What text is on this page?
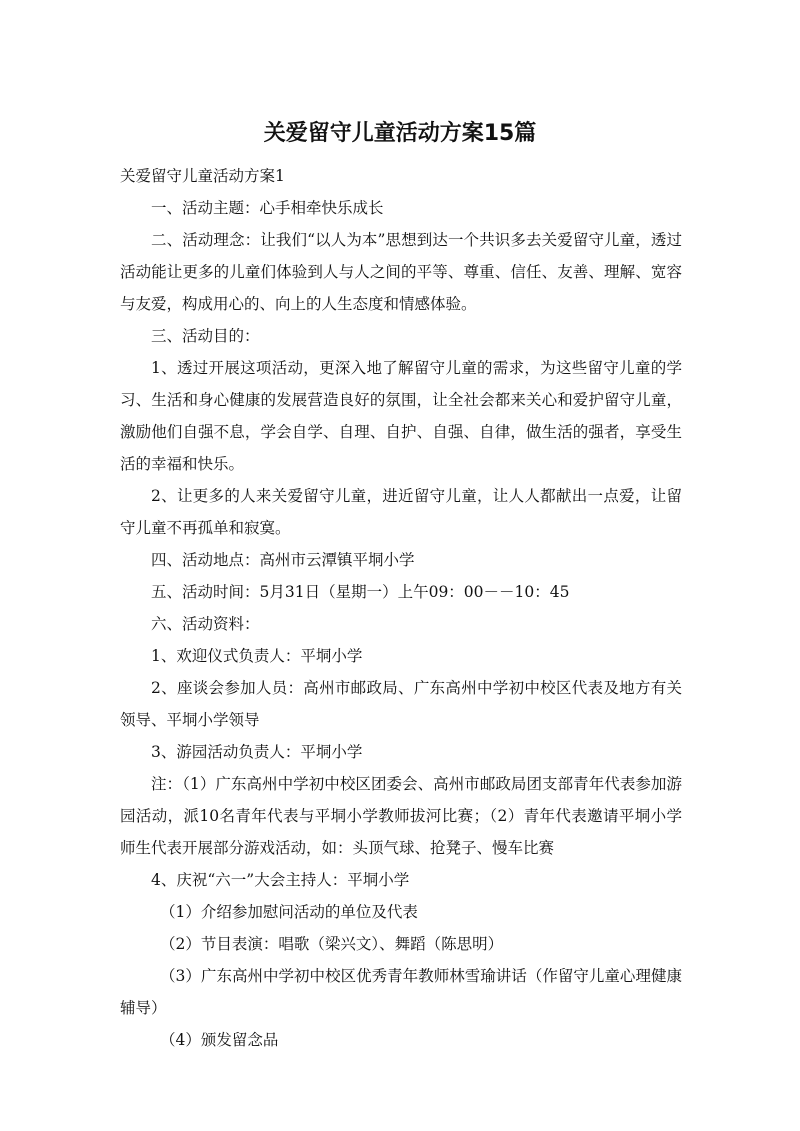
关爱留守儿童活动方案15篇

关爱留守儿童活动方案1

一、活动主题：心手相牵快乐成长

二、活动理念：让我们“以人为本”思想到达一个共识多去关爱留守儿童，透过活动能让更多的儿童们体验到人与人之间的平等、尊重、信任、友善、理解、宽容与友爱，构成用心的、向上的人生态度和情感体验。

三、活动目的：

1、透过开展这项活动，更深入地了解留守儿童的需求，为这些留守儿童的学习、生活和身心健康的发展营造良好的氛围，让全社会都来关心和爱护留守儿童，激励他们自强不息，学会自学、自理、自护、自强、自律，做生活的强者，享受生活的幸福和快乐。

2、让更多的人来关爱留守儿童，进近留守儿童，让人人都献出一点爱，让留守儿童不再孤单和寂寞。

四、活动地点：高州市云潭镇平垌小学

五、活动时间：5月31日（星期一）上午09：00－－10：45

六、活动资料：

1、欢迎仪式负责人：平垌小学

2、座谈会参加人员：高州市邮政局、广东高州中学初中校区代表及地方有关领导、平垌小学领导

3、游园活动负责人：平垌小学

注：（1）广东高州中学初中校区团委会、高州市邮政局团支部青年代表参加游园活动，派10名青年代表与平垌小学教师拔河比赛；（2）青年代表邀请平垌小学师生代表开展部分游戏活动，如：头顶气球、抢凳子、慢车比赛

4、庆祝“六一”大会主持人：平垌小学

（1）介绍参加慰问活动的单位及代表

（2）节目表演：唱歌（梁兴文）、舞蹈（陈思明）

（3）广东高州中学初中校区优秀青年教师林雪瑜讲话（作留守儿童心理健康辅导）

（4）颁发留念品
